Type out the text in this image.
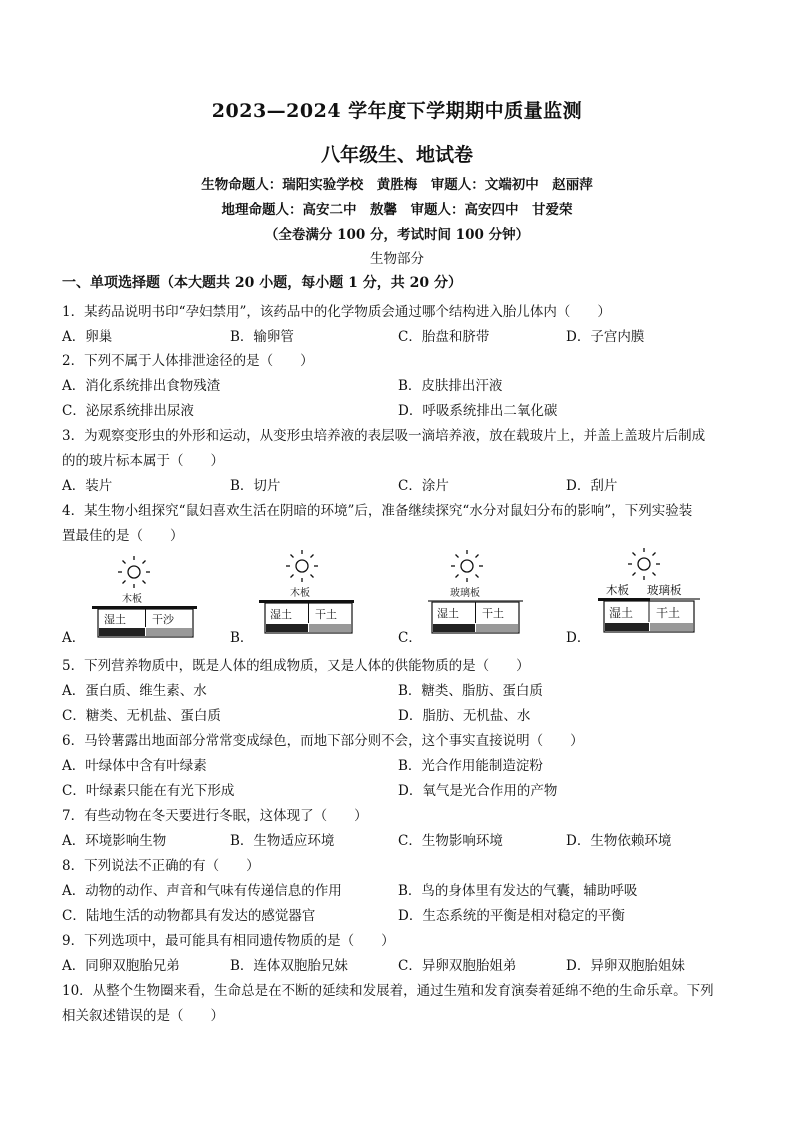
2023—2024 学年度下学期期中质量监测
八年级生、地试卷
生物命题人：瑞阳实验学校　黄胜梅　审题人：文端初中　赵丽萍
地理命题人：高安二中　敖馨　审题人：高安四中　甘爱荣
（全卷满分 100 分，考试时间 100 分钟）
生物部分
一、单项选择题（本大题共 20 小题，每小题 1 分，共 20 分）
1．某药品说明书印“孕妇禁用”，该药品中的化学物质会通过哪个结构进入胎儿体内（　　）
A．卵巢	B．输卵管	C．胎盘和脐带	D．子宫内膜
2．下列不属于人体排泄途径的是（　　）
A．消化系统排出食物残渣	B．皮肤排出汗液
C．泌尿系统排出尿液	D．呼吸系统排出二氧化碳
3．为观察变形虫的外形和运动，从变形虫培养液的表层吸一滴培养液，放在载玻片上，并盖上盖玻片后制成
的的玻片标本属于（　　）
A．装片	B．切片	C．涂片	D．刮片
4．某生物小组探究“鼠妇喜欢生活在阴暗的环境”后，准备继续探究“水分对鼠妇分布的影响”，下列实验装
置最佳的是（　　）
A．	B．	C．	D．
木板
湿土 干沙
木板
湿土 干土
玻璃板
湿土 干土
木板 玻璃板
湿土 干土
5．下列营养物质中，既是人体的组成物质，又是人体的供能物质的是（　　）
A．蛋白质、维生素、水	B．糖类、脂肪、蛋白质
C．糖类、无机盐、蛋白质	D．脂肪、无机盐、水
6．马铃薯露出地面部分常常变成绿色，而地下部分则不会，这个事实直接说明（　　）
A．叶绿体中含有叶绿素	B．光合作用能制造淀粉
C．叶绿素只能在有光下形成	D．氧气是光合作用的产物
7．有些动物在冬天要进行冬眠，这体现了（　　）
A．环境影响生物	B．生物适应环境	C．生物影响环境	D．生物依赖环境
8．下列说法不正确的有（　　）
A．动物的动作、声音和气味有传递信息的作用	B．鸟的身体里有发达的气囊，辅助呼吸
C．陆地生活的动物都具有发达的感觉器官	D．生态系统的平衡是相对稳定的平衡
9．下列选项中，最可能具有相同遗传物质的是（　　）
A．同卵双胞胎兄弟	B．连体双胞胎兄妹	C．异卵双胞胎姐弟	D．异卵双胞胎姐妹
10．从整个生物圈来看，生命总是在不断的延续和发展着，通过生殖和发育演奏着延绵不绝的生命乐章。下列
相关叙述错误的是（　　）
